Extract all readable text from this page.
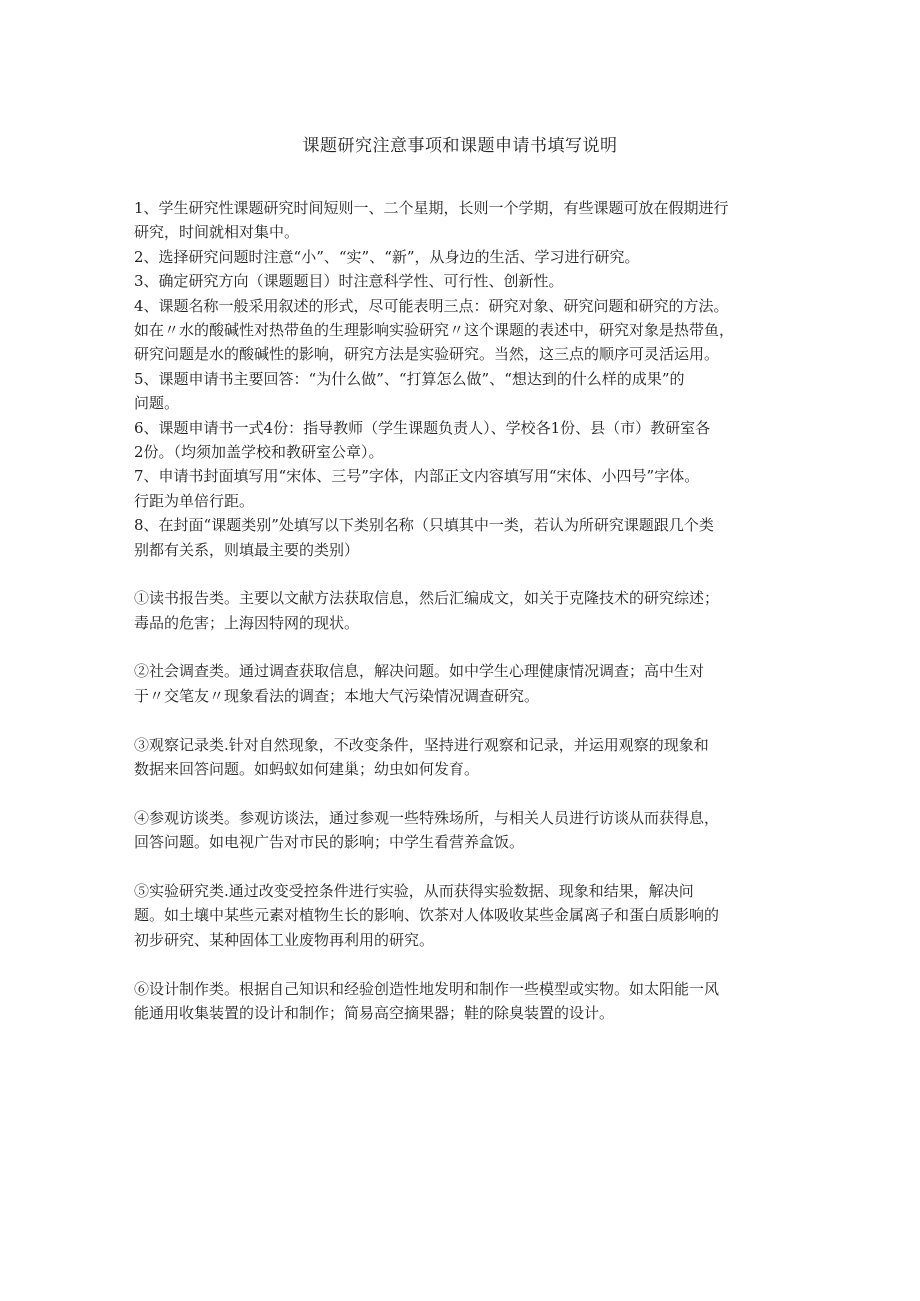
课题研究注意事项和课题申请书填写说明

1、学生研究性课题研究时间短则一、二个星期，长则一个学期，有些课题可放在假期进行
研究，时间就相对集中。

2、选择研究问题时注意“小”、“实”、“新”，从身边的生活、学习进行研究。

3、确定研究方向（课题题目）时注意科学性、可行性、创新性。

4、课题名称一般采用叙述的形式，尽可能表明三点：研究对象、研究问题和研究的方法。
如在〃水的酸碱性对热带鱼的生理影响实验研究〃这个课题的表述中，研究对象是热带鱼，
研究问题是水的酸碱性的影响，研究方法是实验研究。当然，这三点的顺序可灵活运用。

5、课题申请书主要回答：“为什么做”、“打算怎么做”、“想达到的什么样的成果”的
问题。

6、课题申请书一式4份：指导教师（学生课题负责人）、学校各1份、县（市）教研室各
2份。（均须加盖学校和教研室公章）。

7、申请书封面填写用“宋体、三号”字体，内部正文内容填写用“宋体、小四号”字体。
行距为单倍行距。

8、在封面“课题类别”处填写以下类别名称（只填其中一类，若认为所研究课题跟几个类
别都有关系，则填最主要的类别）

①读书报告类。主要以文献方法获取信息，然后汇编成文，如关于克隆技术的研究综述；
毒品的危害；上海因特网的现状。

②社会调查类。通过调查获取信息，解决问题。如中学生心理健康情况调查；高中生对
于〃交笔友〃现象看法的调查；本地大气污染情况调查研究。

③观察记录类.针对自然现象，不改变条件，坚持进行观察和记录，并运用观察的现象和
数据来回答问题。如蚂蚁如何建巢；幼虫如何发育。

④参观访谈类。参观访谈法，通过参观一些特殊场所，与相关人员进行访谈从而获得息，
回答问题。如电视广告对市民的影响；中学生看营养盒饭。

⑤实验研究类.通过改变受控条件进行实验，从而获得实验数据、现象和结果，解决问
题。如土壤中某些元素对植物生长的影响、饮茶对人体吸收某些金属离子和蛋白质影响的
初步研究、某种固体工业废物再利用的研究。

⑥设计制作类。根据自己知识和经验创造性地发明和制作一些模型或实物。如太阳能一风
能通用收集装置的设计和制作；简易高空摘果器；鞋的除臭装置的设计。
